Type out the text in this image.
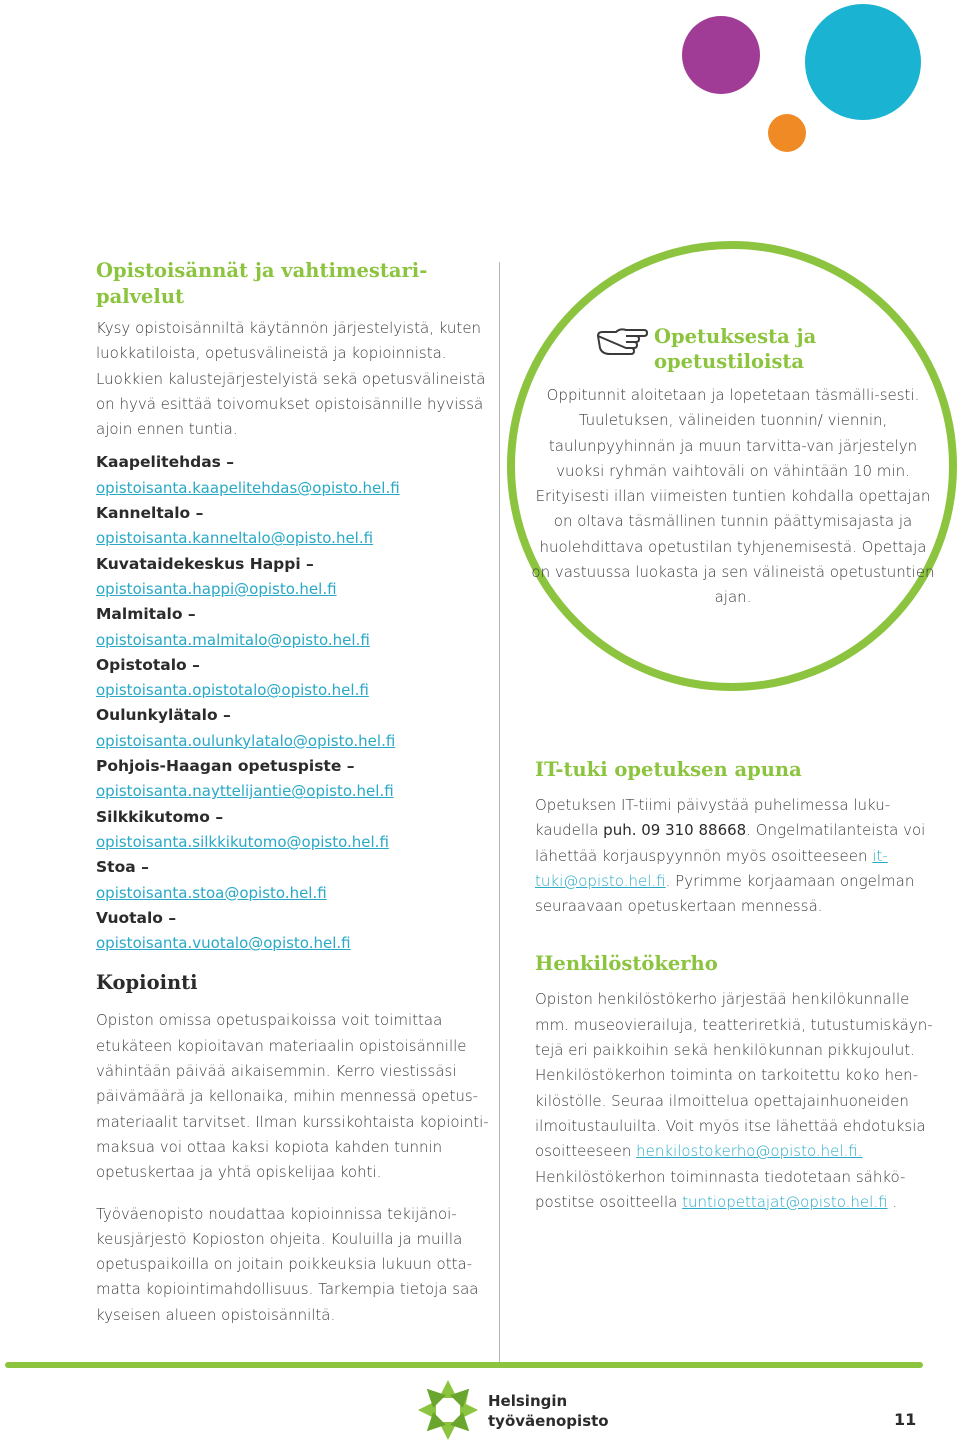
Opistoisännät ja vahtimestari-
palvelut

Kysy opistoisänniltä käytännön järjestelyistä, kuten luokkatiloista, opetusvälineistä ja kopioinnista. Luokkien kalustejärjestelyistä sekä opetusvälineistä on hyvä esittää toivomukset opistoisännille hyvissä ajoin ennen tuntia.

Kaapelitehdas –
opistoisanta.kaapelitehdas@opisto.hel.fi
Kanneltalo –
opistoisanta.kanneltalo@opisto.hel.fi
Kuvataidekeskus Happi –
opistoisanta.happi@opisto.hel.fi
Malmitalo –
opistoisanta.malmitalo@opisto.hel.fi
Opistotalo –
opistoisanta.opistotalo@opisto.hel.fi
Oulunkylätalo –
opistoisanta.oulunkylatalo@opisto.hel.fi
Pohjois-Haagan opetuspiste –
opistoisanta.nayttelijantie@opisto.hel.fi
Silkkikutomo –
opistoisanta.silkkikutomo@opisto.hel.fi
Stoa –
opistoisanta.stoa@opisto.hel.fi
Vuotalo –
opistoisanta.vuotalo@opisto.hel.fi
Kopiointi

Opiston omissa opetuspaikoissa voit toimittaa etukäteen kopioitavan materiaalin opistoisännille vähintään päivää aikaisemmin. Kerro viestissäsi päivämäärä ja kellonaika, mihin mennessä opetus-materiaalit tarvitset. Ilman kurssikohtaista kopiointi-maksua voi ottaa kaksi kopiota kahden tunnin opetuskertaa ja yhtä opiskelijaa kohti.

Työväenopisto noudattaa kopioinnissa tekijänoi-keusjärjestö Kopioston ohjeita. Kouluilla ja muilla opetuspaikoilla on joitain poikkeuksia lukuun otta-matta kopiointimahdollisuus. Tarkempia tietoja saa kyseisen alueen opistoisänniltä.

Opetuksesta ja
opetustiloista
Oppitunnit aloitetaan ja lopetetaan täsmälli-sesti. Tuuletuksen, välineiden tuonnin/ viennin, taulunpyyhinnän ja muun tarvitta-van järjestelyn vuoksi ryhmän vaihtoväli on vähintään 10 min. Erityisesti illan viimeisten tuntien kohdalla opettajan on oltava täsmällinen tunnin päättymisajasta ja huolehdittava opetustilan tyhjenemisestä. Opettaja on vastuussa luokasta ja sen välineistä opetustuntien ajan.
IT-tuki opetuksen apuna

Opetuksen IT-tiimi päivystää puhelimessa luku-kaudella puh. 09 310 88668. Ongelmatilanteista voi lähettää korjauspyynnön myös osoitteeseen it-tuki@opisto.hel.fi. Pyrimme korjaamaan ongelman seuraavaan opetuskertaan mennessä.

Henkilöstökerho

Opiston henkilöstökerho järjestää henkilökunnalle mm. museovierailuja, teatteriretkiä, tutustumiskäyn-tejä eri paikkoihin sekä henkilökunnan pikkujoulut. Henkilöstökerhon toiminta on tarkoitettu koko hen-kilöstölle. Seuraa ilmoittelua opettajainhuoneiden ilmoitustauluilta. Voit myös itse lähettää ehdotuksia osoitteeseen henkilostokerho@opisto.hel.fi. Henkilöstökerhon toiminnasta tiedotetaan sähkö-postitse osoitteella tuntiopettajat@opisto.hel.fi .

Helsingin
työväenopisto	11
